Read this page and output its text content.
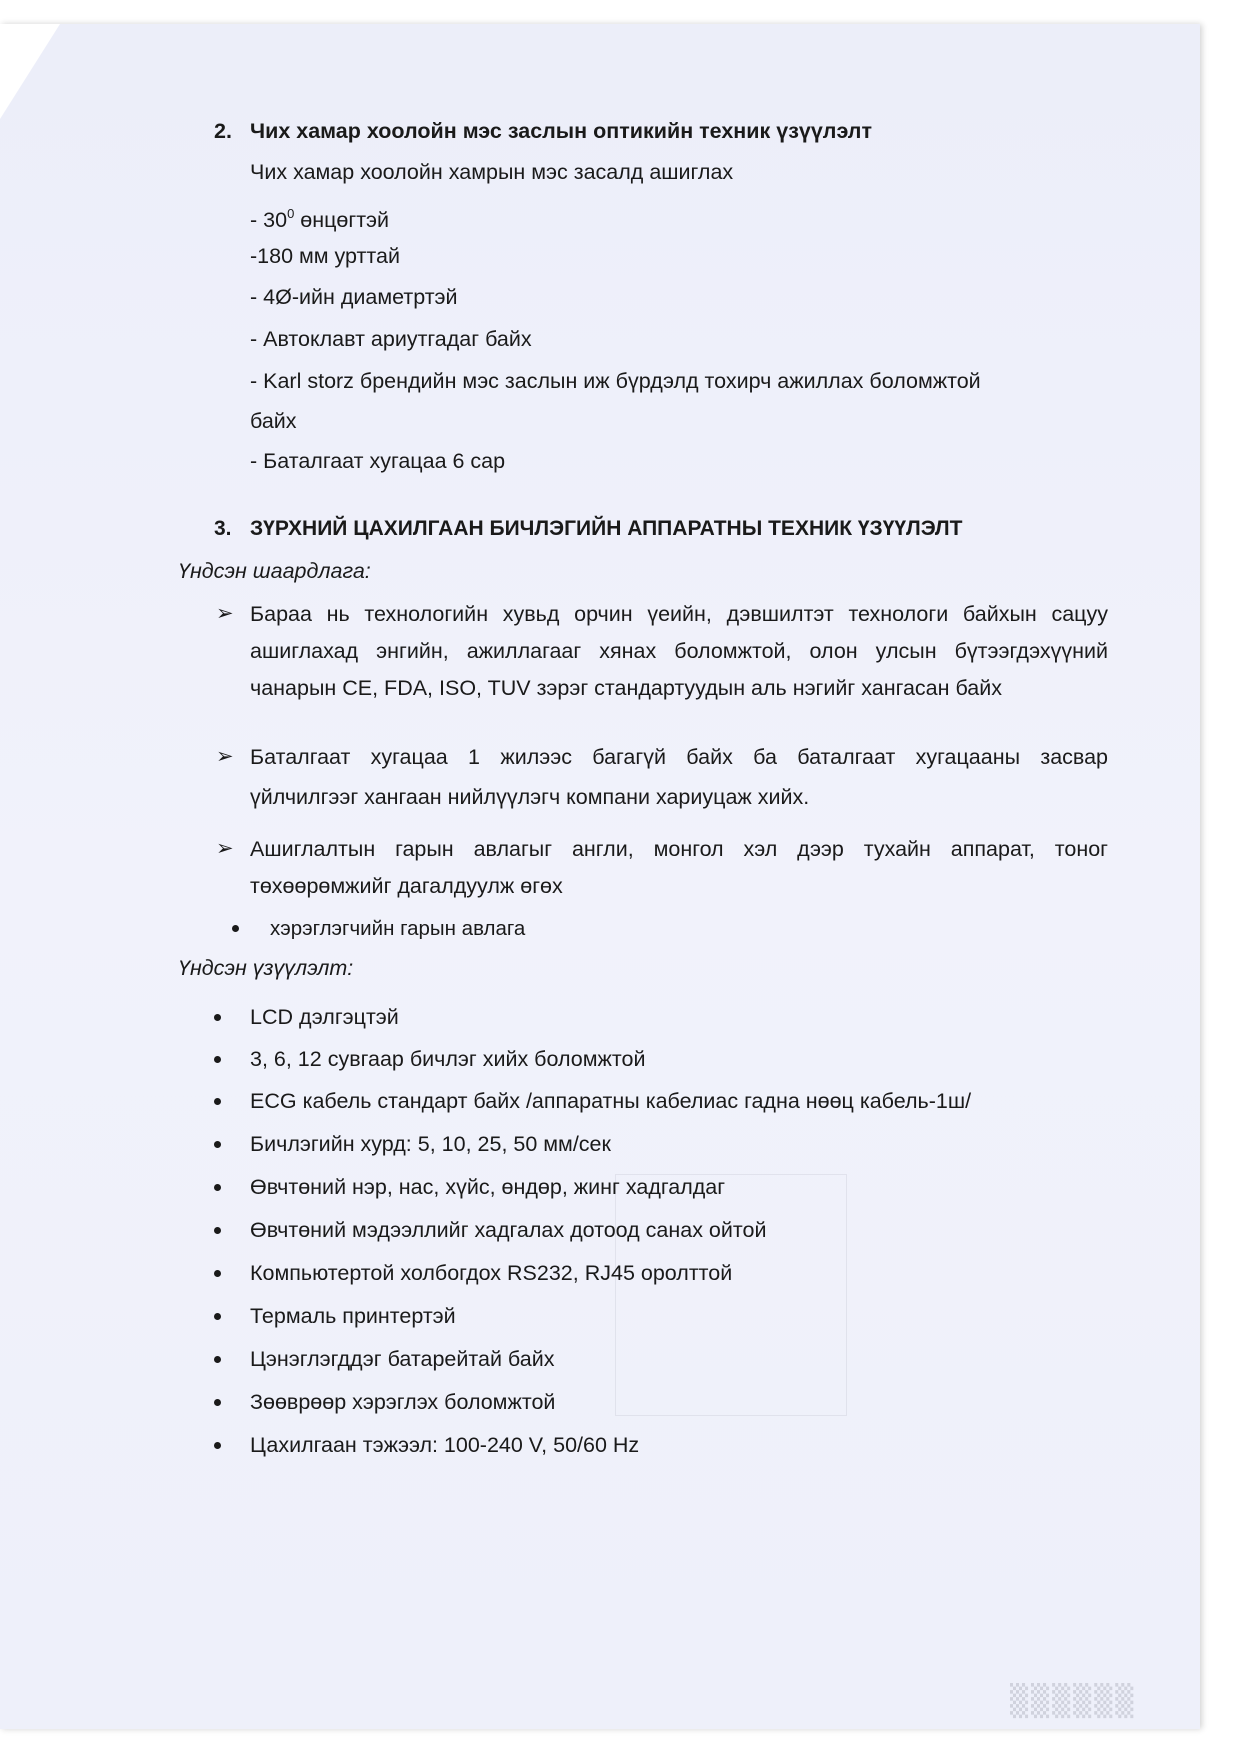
▒▒▒▒▒▒
2. Чих хамар хоолойн мэс заслын оптикийн техник үзүүлэлт
Чих хамар хоолойн хамрын мэс засалд ашиглах
- $30^0$ өнцөгтэй
-180 мм урттай
- 4Ø-ийн диаметртэй
- Автоклавт ариутгадаг байх
- Karl storz брендийн мэс заслын иж бүрдэлд тохирч ажиллах боломжтой
байх
- Баталгаат хугацаа 6 сар
3. ЗҮРХНИЙ ЦАХИЛГААН БИЧЛЭГИЙН АППАРАТНЫ ТЕХНИК ҮЗҮҮЛЭЛТ
Үндсэн шаардлага:
➢ Бараа нь технологийн хувьд орчин үеийн, дэвшилтэт технологи байхын сацуу
ашиглахад энгийн, ажиллагааг хянах боломжтой, олон улсын бүтээгдэхүүний
чанарын CE, FDA, ISO, TUV зэрэг стандартуудын аль нэгийг хангасан байх
➢ Баталгаат хугацаа 1 жилээс багагүй байх ба баталгаат хугацааны засвар
үйлчилгээг хангаан нийлүүлэгч компани хариуцаж хийх.
➢ Ашиглалтын гарын авлагыг англи, монгол хэл дээр тухайн аппарат, тоног
төхөөрөмжийг дагалдуулж өгөх
хэрэглэгчийн гарын авлага
Үндсэн үзүүлэлт:
LCD дэлгэцтэй
3, 6, 12 сувгаар бичлэг хийх боломжтой
ECG кабель стандарт байх /аппаратны кабелиас гадна нөөц кабель-1ш/
Бичлэгийн хурд: 5, 10, 25, 50 мм/сек
Өвчтөний нэр, нас, хүйс, өндөр, жинг хадгалдаг
Өвчтөний мэдээллийг хадгалах дотоод санах ойтой
Компьютертой холбогдох RS232, RJ45 оролттой
Термаль принтертэй
Цэнэглэгддэг батарейтай байх
Зөөврөөр хэрэглэх боломжтой
Цахилгаан тэжээл: 100-240 V, 50/60 Hz
